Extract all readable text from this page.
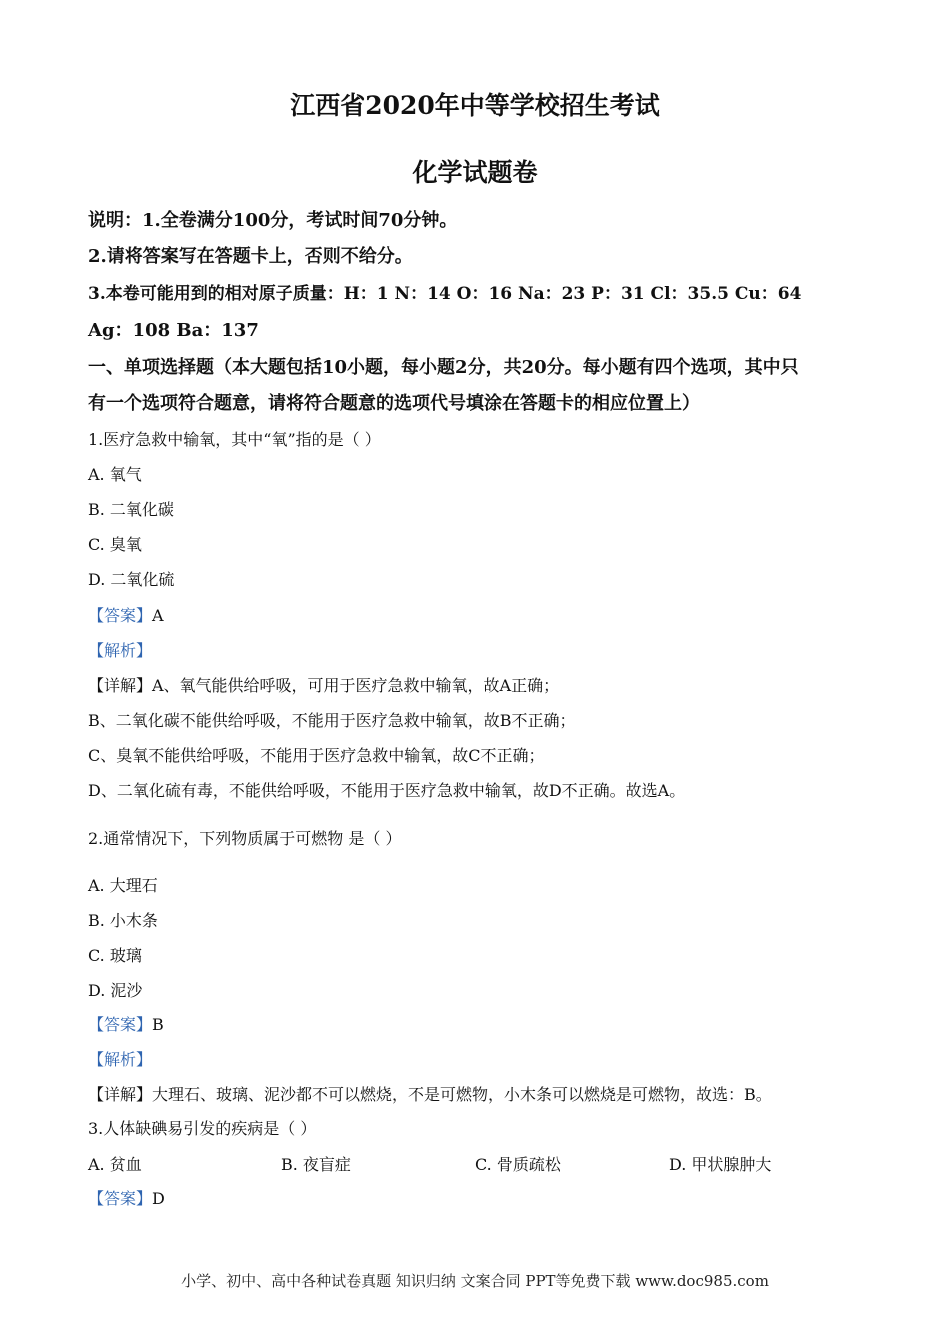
江西省2020年中等学校招生考试
化学试题卷
说明：1.全卷满分100分，考试时间70分钟。
2.请将答案写在答题卡上，否则不给分。
3.本卷可能用到的相对原子质量：H：1 N：14 O：16 Na：23 P：31 Cl：35.5 Cu：64
Ag：108 Ba：137
一、单项选择题（本大题包括10小题，每小题2分，共20分。每小题有四个选项，其中只
有一个选项符合题意，请将符合题意的选项代号填涂在答题卡的相应位置上）
1.医疗急救中输氧，其中“氧”指的是（ ）
A. 氧气
B. 二氧化碳
C. 臭氧
D. 二氧化硫
【答案】A
【解析】
【详解】A、氧气能供给呼吸，可用于医疗急救中输氧，故A正确；
B、二氧化碳不能供给呼吸，不能用于医疗急救中输氧，故B不正确；
C、臭氧不能供给呼吸，不能用于医疗急救中输氧，故C不正确；
D、二氧化硫有毒，不能供给呼吸，不能用于医疗急救中输氧，故D不正确。故选A。
2.通常情况下，下列物质属于可燃物 是（ ）
A. 大理石
B. 小木条
C. 玻璃
D. 泥沙
【答案】B
【解析】
【详解】大理石、玻璃、泥沙都不可以燃烧，不是可燃物，小木条可以燃烧是可燃物，故选：B。
3.人体缺碘易引发的疾病是（ ）
A. 贫血	B. 夜盲症	C. 骨质疏松	D. 甲状腺肿大
【答案】D
小学、初中、高中各种试卷真题 知识归纳 文案合同 PPT等免费下载 www.doc985.com
